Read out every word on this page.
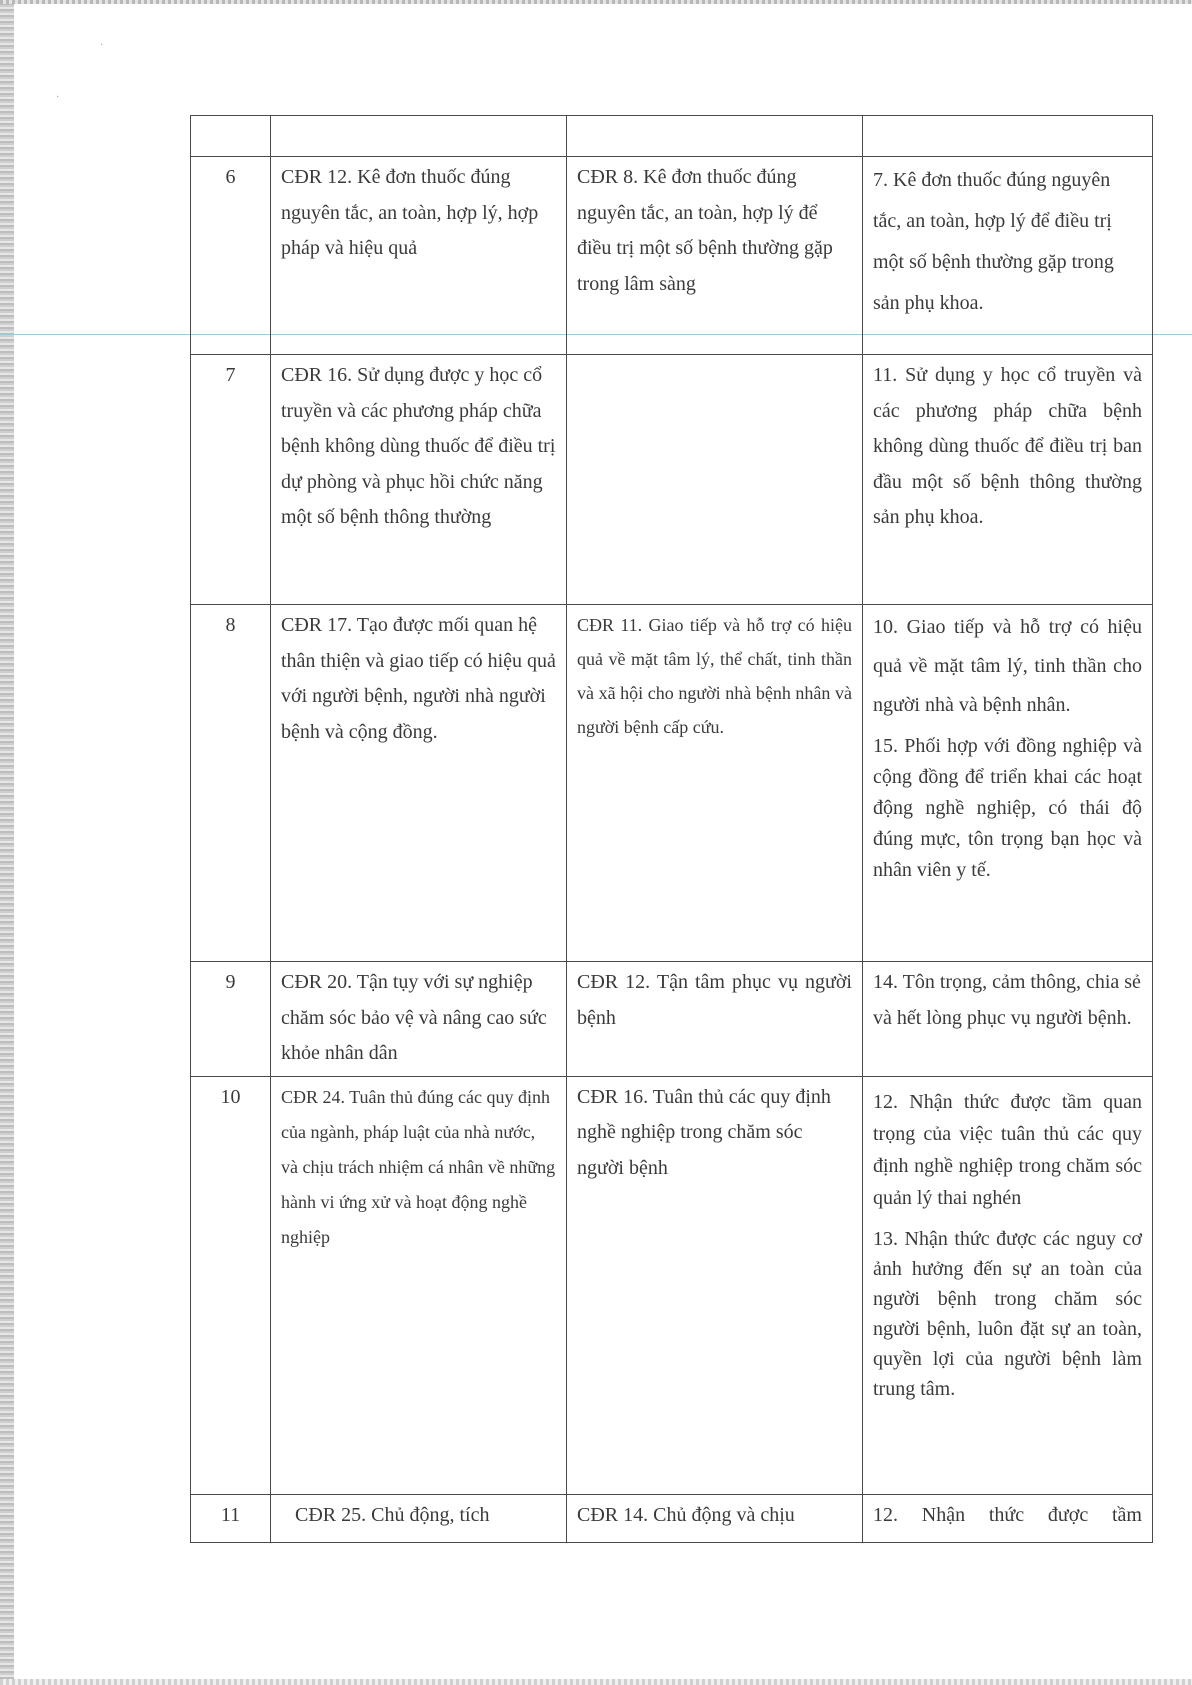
·
·

6	CĐR 12. Kê đơn thuốc đúng nguyên tắc, an toàn, hợp lý, hợp pháp và hiệu quả	CĐR 8. Kê đơn thuốc đúng nguyên tắc, an toàn, hợp lý để điều trị một số bệnh thường gặp trong lâm sàng	7. Kê đơn thuốc đúng nguyên tắc, an toàn, hợp lý để điều trị một số bệnh thường gặp trong sản phụ khoa.

7	CĐR 16. Sử dụng được y học cổ truyền và các phương pháp chữa bệnh không dùng thuốc để điều trị dự phòng và phục hồi chức năng một số bệnh thông thường		11. Sử dụng y học cổ truyền và các phương pháp chữa bệnh không dùng thuốc để điều trị ban đầu một số bệnh thông thường sản phụ khoa.

8	CĐR 17. Tạo được mối quan hệ thân thiện và giao tiếp có hiệu quả với người bệnh, người nhà người bệnh và cộng đồng.	CĐR 11. Giao tiếp và hỗ trợ có hiệu quả về mặt tâm lý, thể chất, tinh thần và xã hội cho người nhà bệnh nhân và người bệnh cấp cứu.	10. Giao tiếp và hỗ trợ có hiệu quả về mặt tâm lý, tinh thần cho người nhà và bệnh nhân.

15. Phối hợp với đồng nghiệp và cộng đồng để triển khai các hoạt động nghề nghiệp, có thái độ đúng mực, tôn trọng bạn học và nhân viên y tế.

9	CĐR 20. Tận tụy với sự nghiệp chăm sóc bảo vệ và nâng cao sức khỏe nhân dân	CĐR 12. Tận tâm phục vụ người bệnh	14. Tôn trọng, cảm thông, chia sẻ và hết lòng phục vụ người bệnh.

10	CĐR 24. Tuân thủ đúng các quy định của ngành, pháp luật của nhà nước, và chịu trách nhiệm cá nhân về những hành vi ứng xử và hoạt động nghề nghiệp	CĐR 16. Tuân thủ các quy định nghề nghiệp trong chăm sóc người bệnh	12. Nhận thức được tầm quan trọng của việc tuân thủ các quy định nghề nghiệp trong chăm sóc quản lý thai nghén

13. Nhận thức được các nguy cơ ảnh hưởng đến sự an toàn của người bệnh trong chăm sóc người bệnh, luôn đặt sự an toàn, quyền lợi của người bệnh làm trung tâm.

11	CĐR 25. Chủ động, tích	CĐR 14. Chủ động và chịu	12. Nhận thức được tầm
